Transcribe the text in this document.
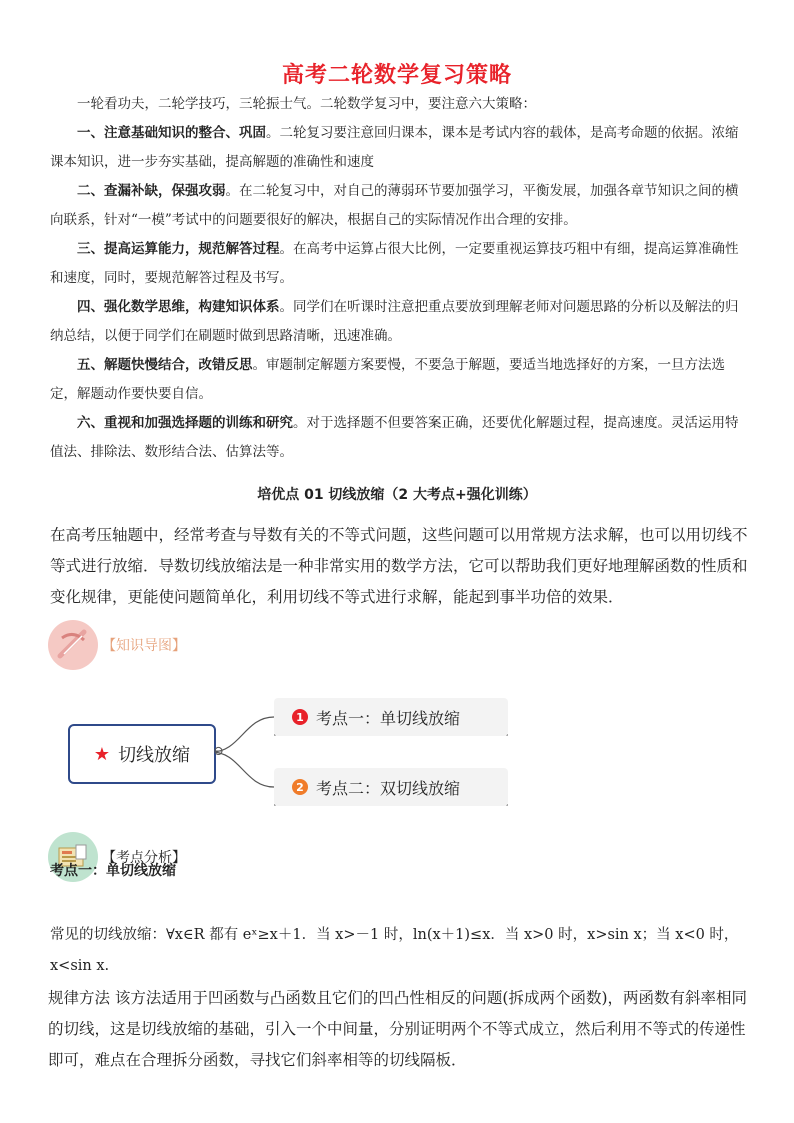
高考二轮数学复习策略

一轮看功夫，二轮学技巧，三轮振士气。二轮数学复习中，要注意六大策略：

一、注意基础知识的整合、巩固。二轮复习要注意回归课本，课本是考试内容的载体，是高考命题的依据。浓缩课本知识，进一步夯实基础，提高解题的准确性和速度

二、查漏补缺，保强攻弱。在二轮复习中，对自己的薄弱环节要加强学习，平衡发展，加强各章节知识之间的横向联系，针对“一模”考试中的问题要很好的解决，根据自己的实际情况作出合理的安排。

三、提高运算能力，规范解答过程。在高考中运算占很大比例，一定要重视运算技巧粗中有细，提高运算准确性和速度，同时，要规范解答过程及书写。

四、强化数学思维，构建知识体系。同学们在听课时注意把重点要放到理解老师对问题思路的分析以及解法的归纳总结，以便于同学们在刷题时做到思路清晰，迅速准确。

五、解题快慢结合，改错反思。审题制定解题方案要慢，不要急于解题，要适当地选择好的方案，一旦方法选定，解题动作要快要自信。

六、重视和加强选择题的训练和研究。对于选择题不但要答案正确，还要优化解题过程，提高速度。灵活运用特值法、排除法、数形结合法、估算法等。

培优点 01 切线放缩（2 大考点+强化训练）

在高考压轴题中，经常考查与导数有关的不等式问题，这些问题可以用常规方法求解，也可以用切线不等式进行放缩．导数切线放缩法是一种非常实用的数学方法，它可以帮助我们更好地理解函数的性质和变化规律，更能使问题简单化，利用切线不等式进行求解，能起到事半功倍的效果．

【知识导图】
★ 切线放缩 ⊖
1 考点一：单切线放缩
2 考点二：双切线放缩
【考点分析】
考点一：单切线放缩

常见的切线放缩：∀x∈R 都有 eˣ≥x＋1．当 x>－1 时，ln(x＋1)≤x．当 x>0 时，x>sin x；当 x<0 时，x<sin x.

规律方法 该方法适用于凹函数与凸函数且它们的凹凸性相反的问题(拆成两个函数)，两函数有斜率相同的切线，这是切线放缩的基础，引入一个中间量，分别证明两个不等式成立，然后利用不等式的传递性即可，难点在合理拆分函数，寻找它们斜率相等的切线隔板．
